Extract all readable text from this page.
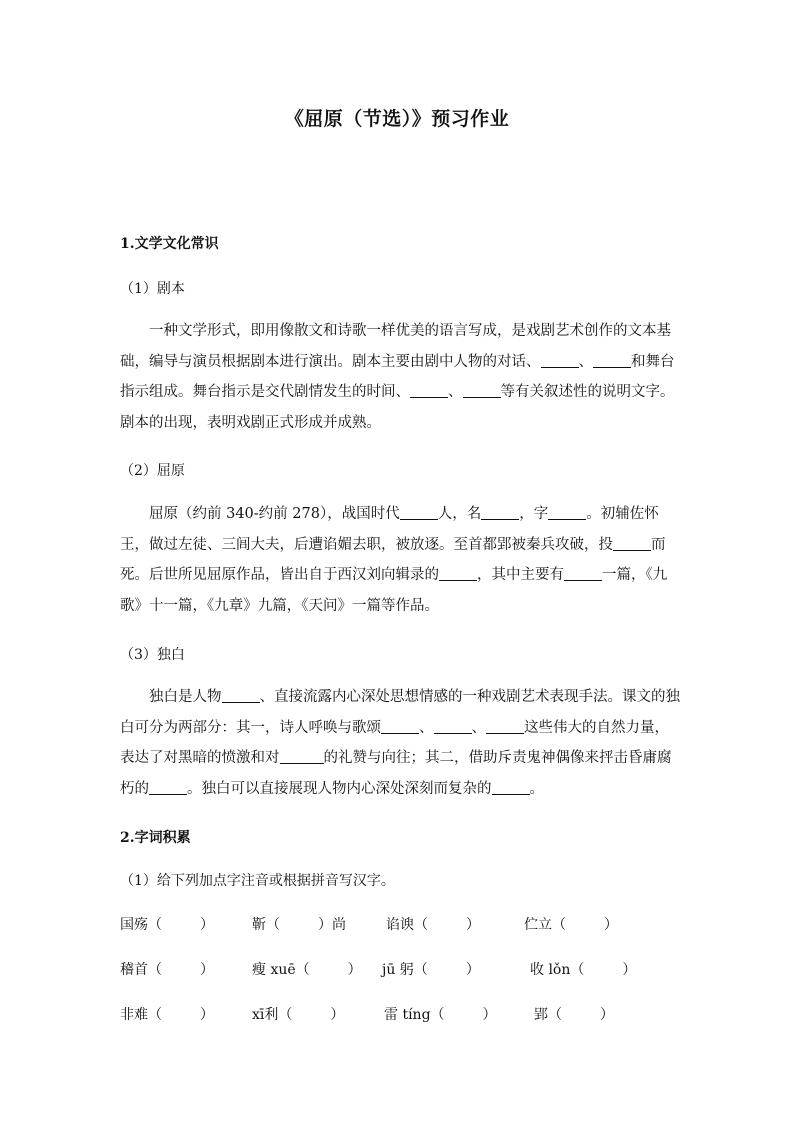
《屈原（节选）》预习作业
1.文学文化常识
（1）剧本

一种文学形式，即用像散文和诗歌一样优美的语言写成，是戏剧艺术创作的文本基础，编导与演员根据剧本进行演出。剧本主要由剧中人物的对话、	、	和舞台指示组成。舞台指示是交代剧情发生的时间、	、	等有关叙述性的说明文字。剧本的出现，表明戏剧正式形成并成熟。

（2）屈原

屈原（约前 340-约前 278），战国时代	人，名	，字	。初辅佐怀王，做过左徒、三闾大夫，后遭谄媚去职，被放逐。至首都郢被秦兵攻破，投	而死。后世所见屈原作品，皆出自于西汉刘向辑录的	，其中主要有	一篇，《九歌》十一篇，《九章》九篇，《天问》一篇等作品。

（3）独白

独白是人物	、直接流露内心深处思想情感的一种戏剧艺术表现手法。课文的独白可分为两部分：其一，诗人呼唤与歌颂	、	、	这些伟大的自然力量，表达了对黑暗的愤激和对	的礼赞与向往；其二，借助斥责鬼神偶像来抨击昏庸腐朽的	。独白可以直接展现人物内心深处深刻而复杂的	。

2.字词积累
（1）给下列加点字注音或根据拼音写汉字。
国殇（	）	靳（	）尚	谄谀（	）	伫立（	）
稽首（	）	瘦 xuē（	） jū 躬（	）	收 lǒn（	）
非难（	）	xī利（	）	雷 tíng（	）	郢（	）
